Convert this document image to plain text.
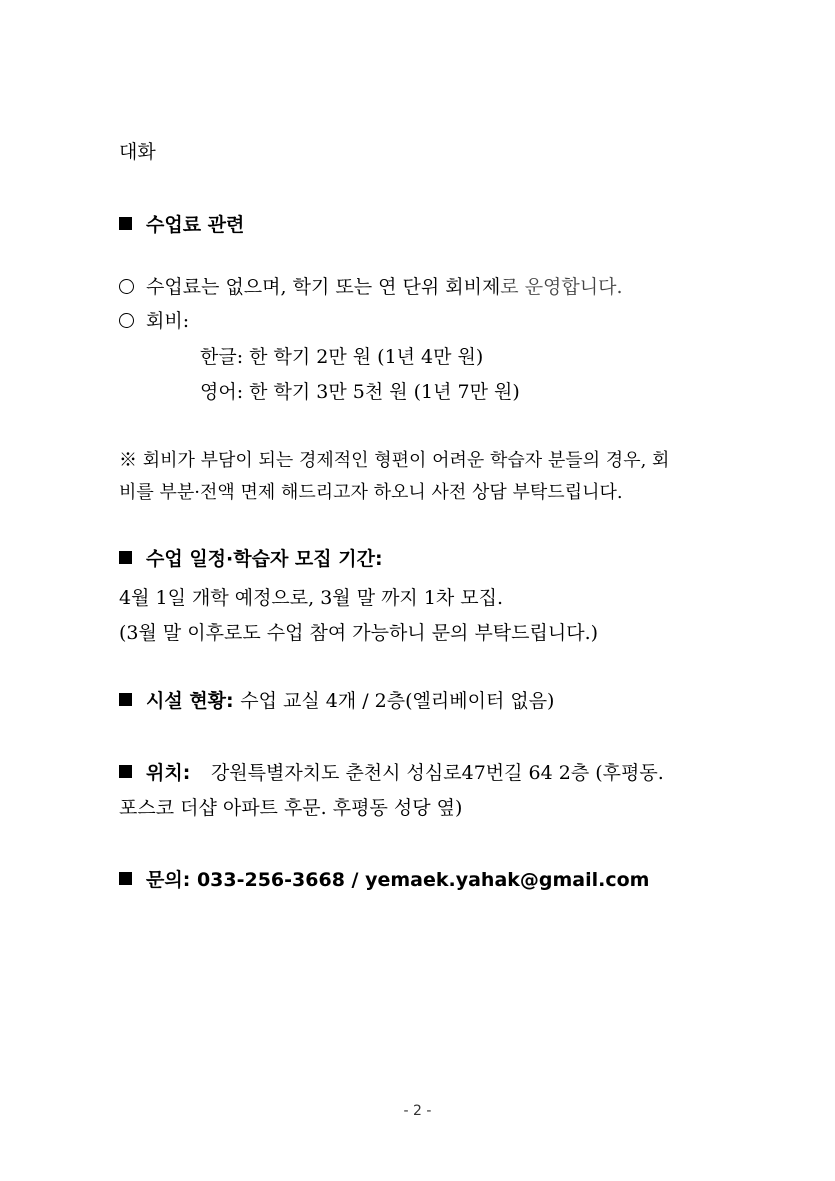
대화
수업료 관련
수업료는 없으며, 학기 또는 연 단위 회비제로 운영합니다.
회비:
한글: 한 학기 2만 원 (1년 4만 원)
영어: 한 학기 3만 5천 원 (1년 7만 원)
※ 회비가 부담이 되는 경제적인 형편이 어려운 학습자 분들의 경우, 회
비를 부분·전액 면제 해드리고자 하오니 사전 상담 부탁드립니다.
수업 일정·학습자 모집 기간:
4월 1일 개학 예정으로, 3월 말 까지 1차 모집.
(3월 말 이후로도 수업 참여 가능하니 문의 부탁드립니다.)
시설 현황: 수업 교실 4개 / 2층(엘리베이터 없음)
위치: 강원특별자치도 춘천시 성심로47번길 64 2층 (후평동.
포스코 더샵 아파트 후문. 후평동 성당 옆)
문의: 033-256-3668 / yemaek.yahak@gmail.com
- 2 -
